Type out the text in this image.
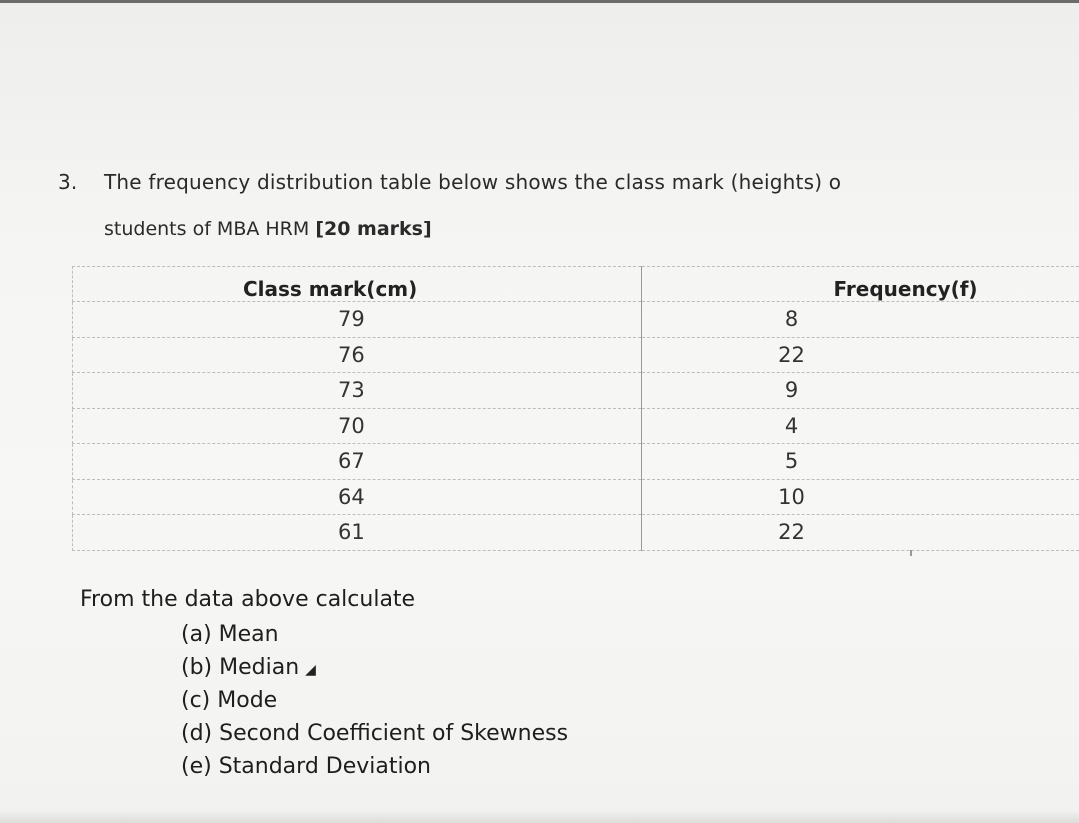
3. The frequency distribution table below shows the class mark (heights) o
students of MBA HRM [20 marks]
Class mark(cm)	Frequency(f)
79	8
76	22
73	9
70	4
67	5
64	10
61	22
From the data above calculate
(a) Mean
(b) Median ◢
(c) Mode
(d) Second Coefficient of Skewness
(e) Standard Deviation
